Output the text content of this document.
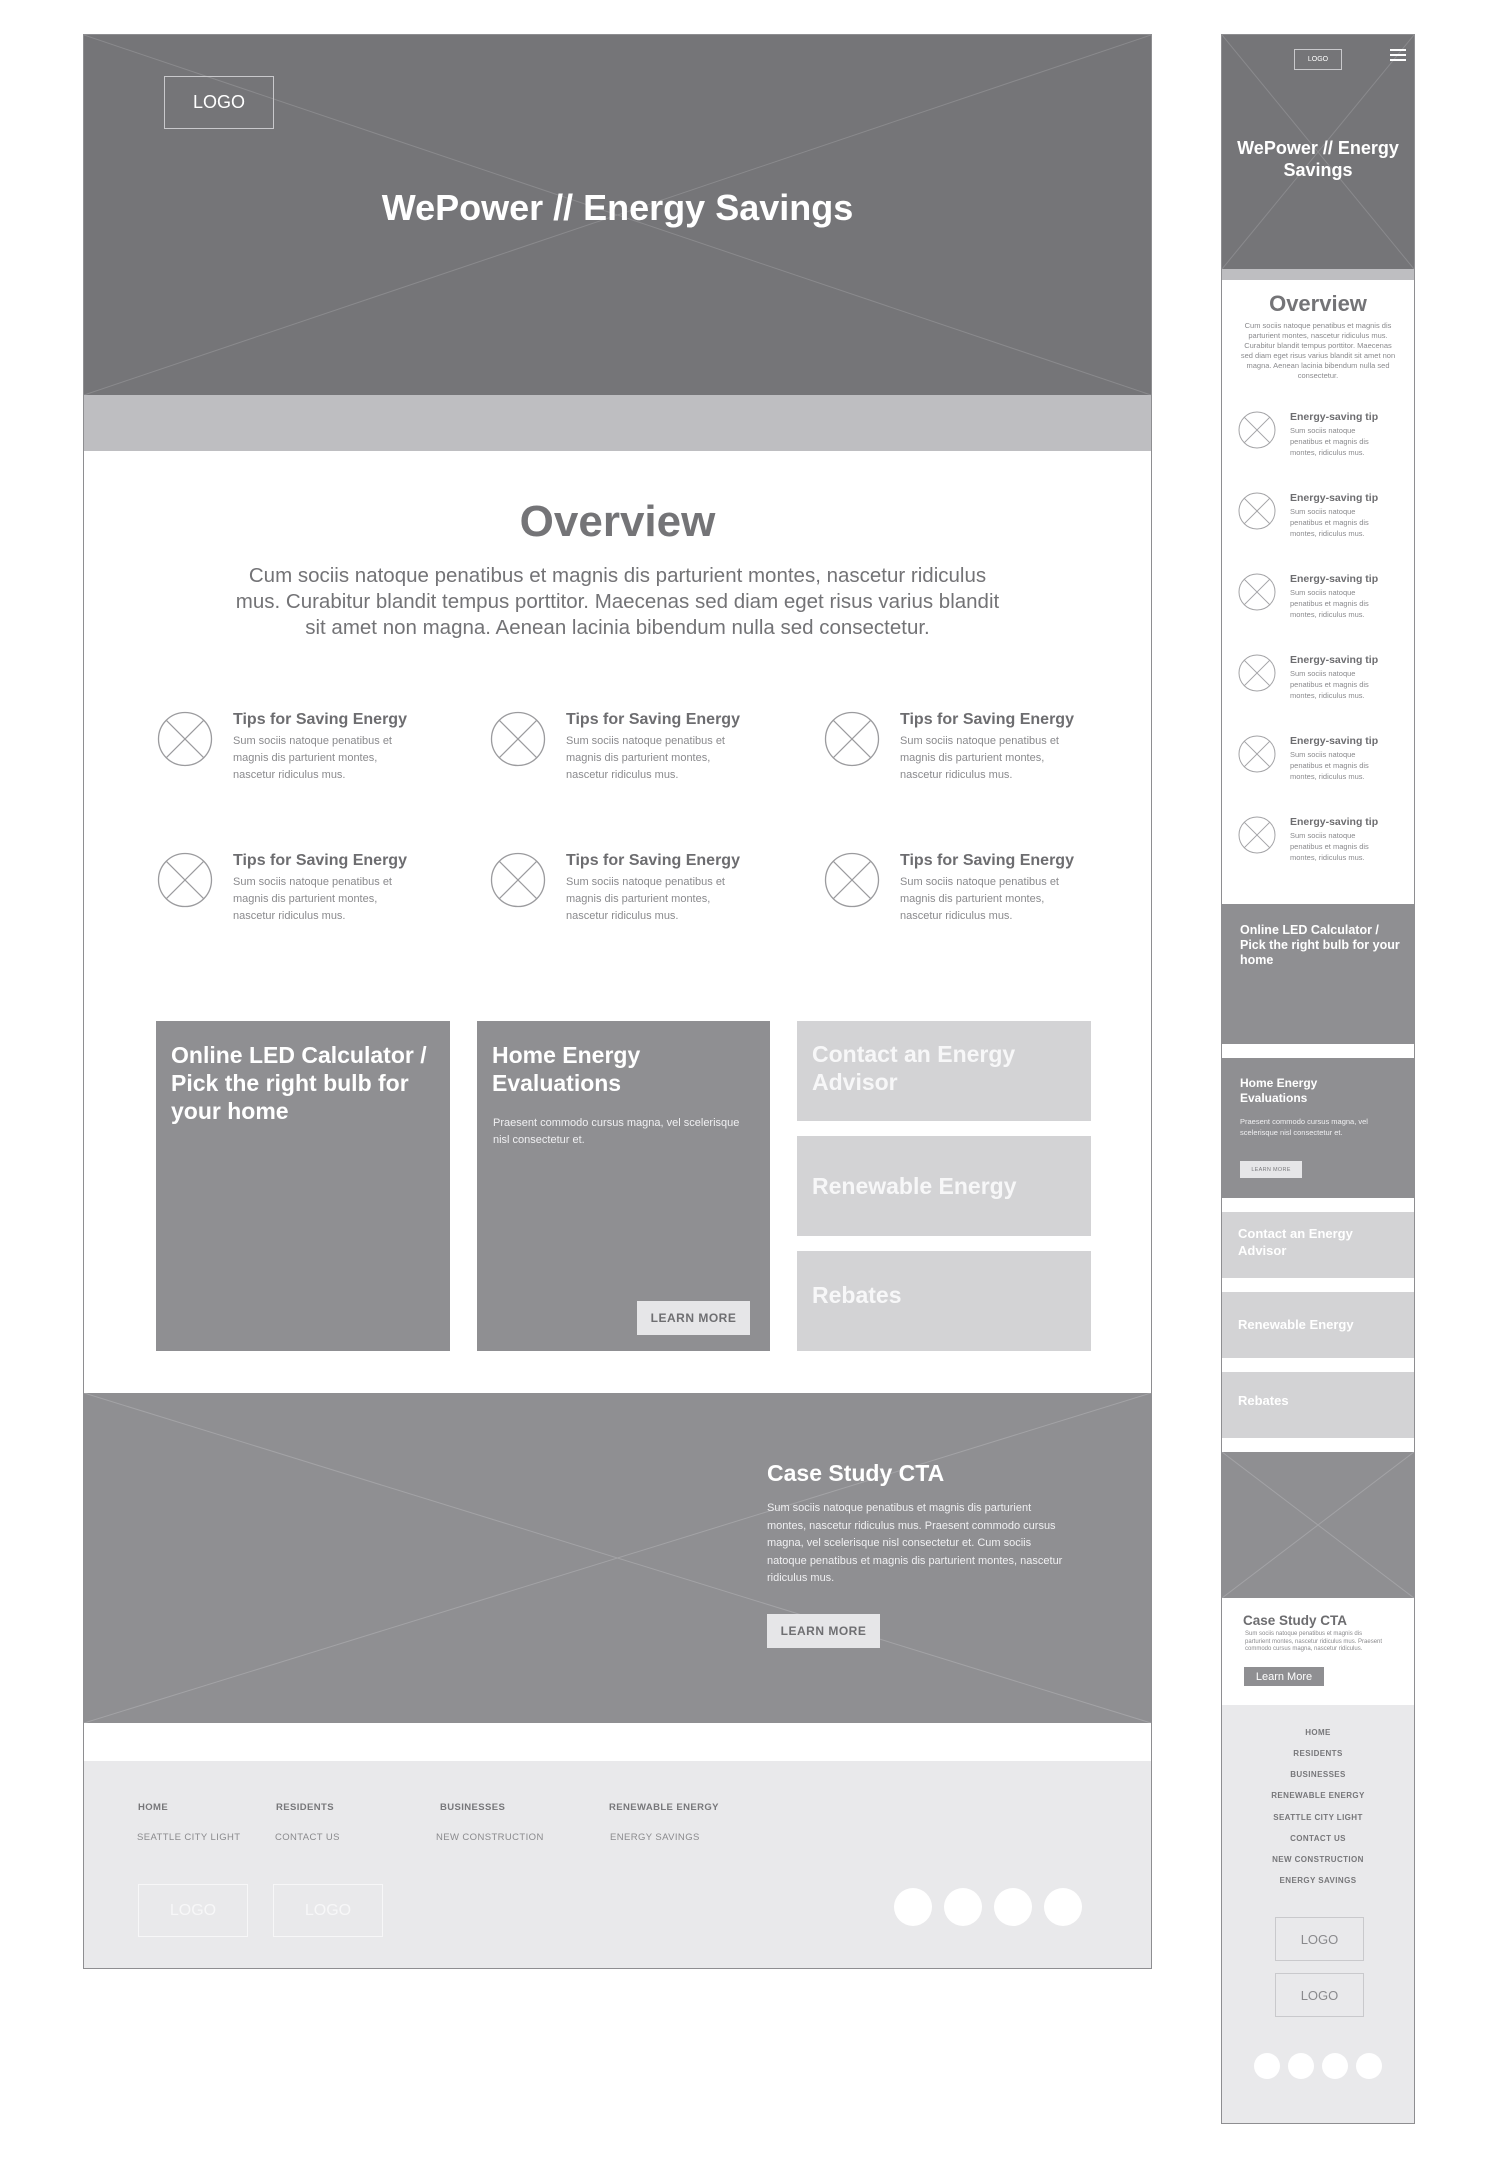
LOGO
WePower // Energy Savings
Overview
Cum sociis natoque penatibus et magnis dis parturient montes, nascetur ridiculus mus. Curabitur blandit tempus porttitor. Maecenas sed diam eget risus varius blandit sit amet non magna. Aenean lacinia bibendum nulla sed consectetur.
Tips for Saving Energy
Sum sociis natoque penatibus et magnis dis parturient montes, nascetur ridiculus mus.
Tips for Saving Energy
Sum sociis natoque penatibus et magnis dis parturient montes, nascetur ridiculus mus.
Tips for Saving Energy
Sum sociis natoque penatibus et magnis dis parturient montes, nascetur ridiculus mus.
Tips for Saving Energy
Sum sociis natoque penatibus et magnis dis parturient montes, nascetur ridiculus mus.
Tips for Saving Energy
Sum sociis natoque penatibus et magnis dis parturient montes, nascetur ridiculus mus.
Tips for Saving Energy
Sum sociis natoque penatibus et magnis dis parturient montes, nascetur ridiculus mus.
Online LED Calculator / Pick the right bulb for your home
Home Energy Evaluations
Praesent commodo cursus magna, vel scelerisque nisl consectetur et.
LEARN MORE
Contact an Energy Advisor
Renewable Energy
Rebates
Case Study CTA
Sum sociis natoque penatibus et magnis dis parturient montes, nascetur ridiculus mus. Praesent commodo cursus magna, vel scelerisque nisl consectetur et. Cum sociis natoque penatibus et magnis dis parturient montes, nascetur ridiculus mus.
LEARN MORE
HOME	RESIDENTS	BUSINESSES	RENEWABLE ENERGY
SEATTLE CITY LIGHT	CONTACT US	NEW CONSTRUCTION	ENERGY SAVINGS
LOGO	LOGO
LOGO
WePower // Energy Savings
Overview
Cum sociis natoque penatibus et magnis dis parturient montes, nascetur ridiculus mus. Curabitur blandit tempus porttitor. Maecenas sed diam eget risus varius blandit sit amet non magna. Aenean lacinia bibendum nulla sed consectetur.
Energy-saving tip
Sum sociis natoque penatibus et magnis dis montes, ridiculus mus.
Energy-saving tip
Sum sociis natoque penatibus et magnis dis montes, ridiculus mus.
Energy-saving tip
Sum sociis natoque penatibus et magnis dis montes, ridiculus mus.
Energy-saving tip
Sum sociis natoque penatibus et magnis dis montes, ridiculus mus.
Energy-saving tip
Sum sociis natoque penatibus et magnis dis montes, ridiculus mus.
Energy-saving tip
Sum sociis natoque penatibus et magnis dis montes, ridiculus mus.
Online LED Calculator / Pick the right bulb for your home
Home Energy Evaluations
Praesent commodo cursus magna, vel scelerisque nisl consectetur et.
LEARN MORE
Contact an Energy Advisor
Renewable Energy
Rebates
Case Study CTA
Sum sociis natoque penatibus et magnis dis parturient montes, nascetur ridiculus mus. Praesent commodo cursus magna, nascetur ridiculus.
Learn More
HOME
RESIDENTS
BUSINESSES
RENEWABLE ENERGY
SEATTLE CITY LIGHT
CONTACT US
NEW CONSTRUCTION
ENERGY SAVINGS
LOGO
LOGO
